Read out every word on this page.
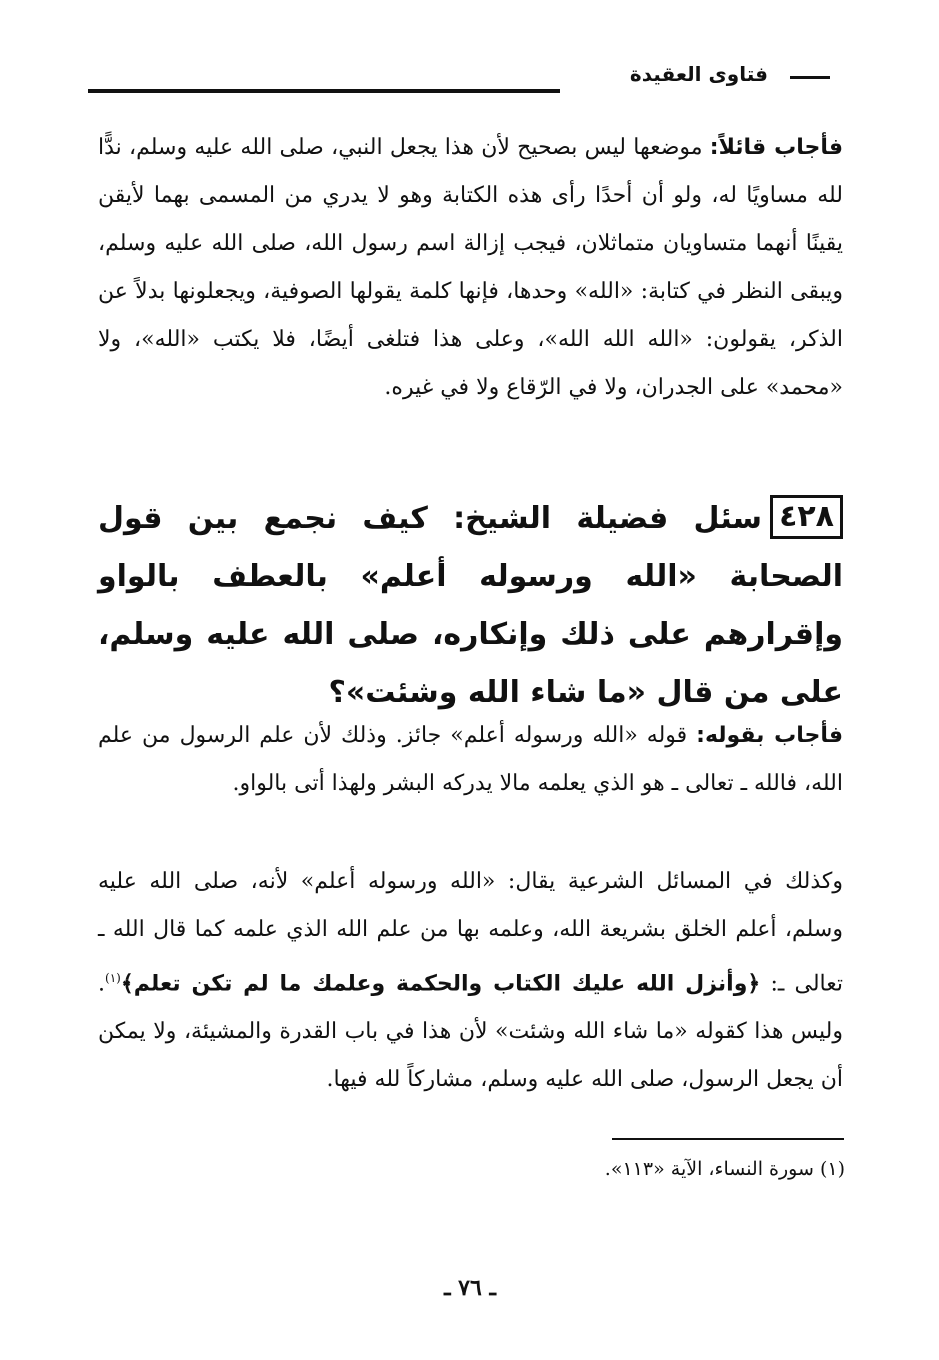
فتاوى العقيدة

فأجاب قائلاً: موضعها ليس بصحيح لأن هذا يجعل النبي، صلى الله عليه وسلم، ندًّا لله مساويًا له، ولو أن أحدًا رأى هذه الكتابة وهو لا يدري من المسمى بهما لأيقن يقينًا أنهما متساويان متماثلان، فيجب إزالة اسم رسول الله، صلى الله عليه وسلم، ويبقى النظر في كتابة: «الله» وحدها، فإنها كلمة يقولها الصوفية، ويجعلونها بدلاً عن الذكر، يقولون: «الله الله الله»، وعلى هذا فتلغى أيضًا، فلا يكتب «الله»، ولا «محمد» على الجدران، ولا في الرّقاع ولا في غيره.

٤٢٨سئل فضيلة الشيخ: كيف نجمع بين قول الصحابة «الله ورسوله أعلم» بالعطف بالواو وإقرارهم على ذلك وإنكاره، صلى الله عليه وسلم، على من قال «ما شاء الله وشئت»؟

فأجاب بقوله: قوله «الله ورسوله أعلم» جائز. وذلك لأن علم الرسول من علم الله، فالله ـ تعالى ـ هو الذي يعلمه مالا يدركه البشر ولهذا أتى بالواو.

وكذلك في المسائل الشرعية يقال: «الله ورسوله أعلم» لأنه، صلى الله عليه وسلم، أعلم الخلق بشريعة الله، وعلمه بها من علم الله الذي علمه كما قال الله ـ تعالى ـ: ﴿وأنزل الله عليك الكتاب والحكمة وعلمك ما لم تكن تعلم﴾$^{(١)}$. وليس هذا كقوله «ما شاء الله وشئت» لأن هذا في باب القدرة والمشيئة، ولا يمكن أن يجعل الرسول، صلى الله عليه وسلم، مشاركاً لله فيها.

(١) سورة النساء، الآية «١١٣».
ـ ٧٦ ـ
